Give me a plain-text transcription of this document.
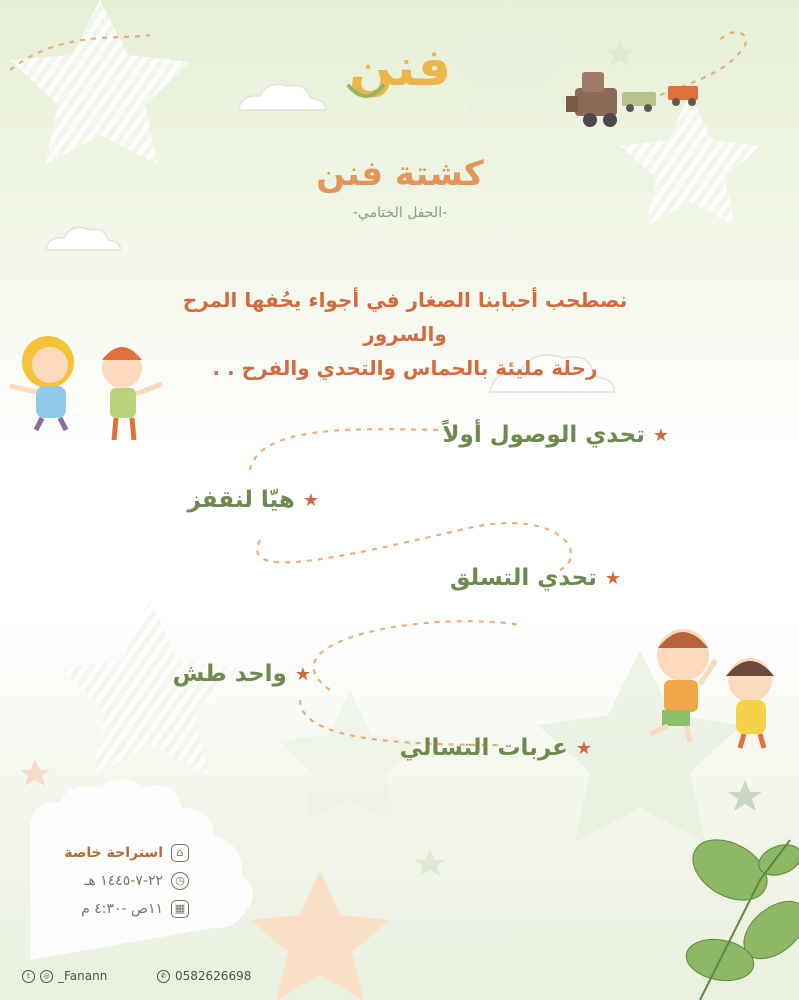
فنن
كشتة فنن
-الحفل الختامي-
نصطحب أحبابنا الصغار في أجواء يحُفها المرح والسرور
رحلة مليئة بالحماس والتحدي والفرح . .
★تحدي الوصول أولاً
★هيّا لنقفز
★تحدي التسلق
★واحد طش
★عربات التسالي
⌂
استراحة خاصة
◷
٢٢-٧-١٤٤٥ هـ
▦
١١ص -٤:٣٠ م
t	◎ _Fanann	✆ 0582626698
